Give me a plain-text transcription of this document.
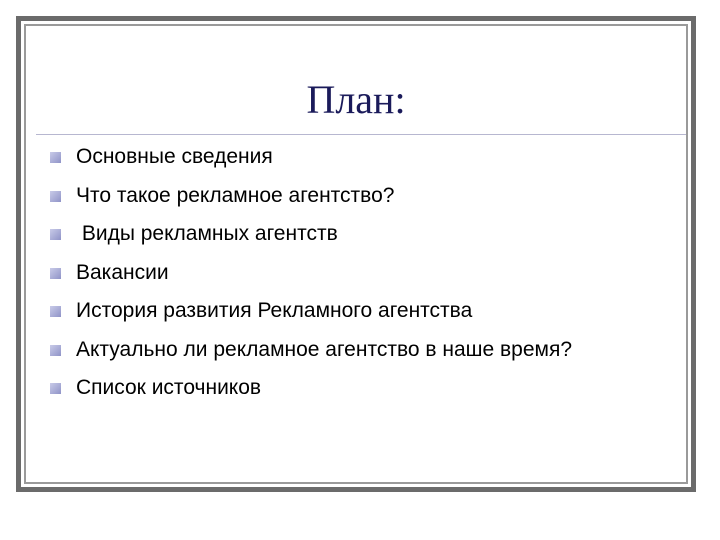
План:
Основные сведения
Что такое рекламное агентство?
Виды рекламных агентств
Вакансии
История развития Рекламного агентства
Актуально ли рекламное агентство в наше время?
Список источников
